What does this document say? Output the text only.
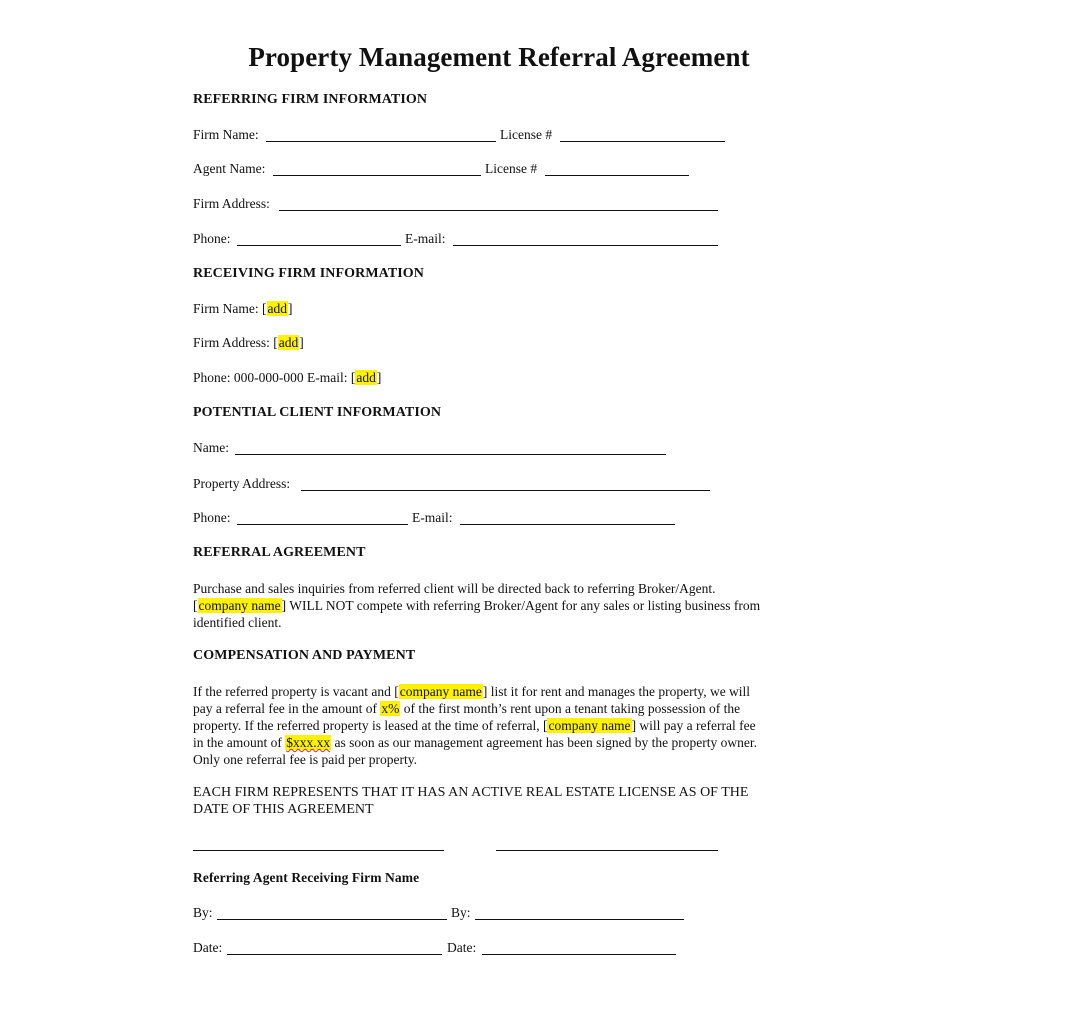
Property Management Referral Agreement
REFERRING FIRM INFORMATION
Firm Name:	License #
Agent Name:	License #
Firm Address:
Phone:	E-mail:
RECEIVING FIRM INFORMATION
Firm Name: [add]
Firm Address: [add]
Phone: 000-000-000 E-mail: [add]
POTENTIAL CLIENT INFORMATION
Name:
Property Address:
Phone:	E-mail:
REFERRAL AGREEMENT
Purchase and sales inquiries from referred client will be directed back to referring Broker/Agent.
[company name] WILL NOT compete with referring Broker/Agent for any sales or listing business from
identified client.
COMPENSATION AND PAYMENT
If the referred property is vacant and [company name] list it for rent and manages the property, we will
pay a referral fee in the amount of x% of the first month’s rent upon a tenant taking possession of the
property. If the referred property is leased at the time of referral, [company name] will pay a referral fee
in the amount of $xxx.xx as soon as our management agreement has been signed by the property owner.
Only one referral fee is paid per property.
EACH FIRM REPRESENTS THAT IT HAS AN ACTIVE REAL ESTATE LICENSE AS OF THE
DATE OF THIS AGREEMENT
Referring Agent Receiving Firm Name
By:	By:
Date:	Date:
